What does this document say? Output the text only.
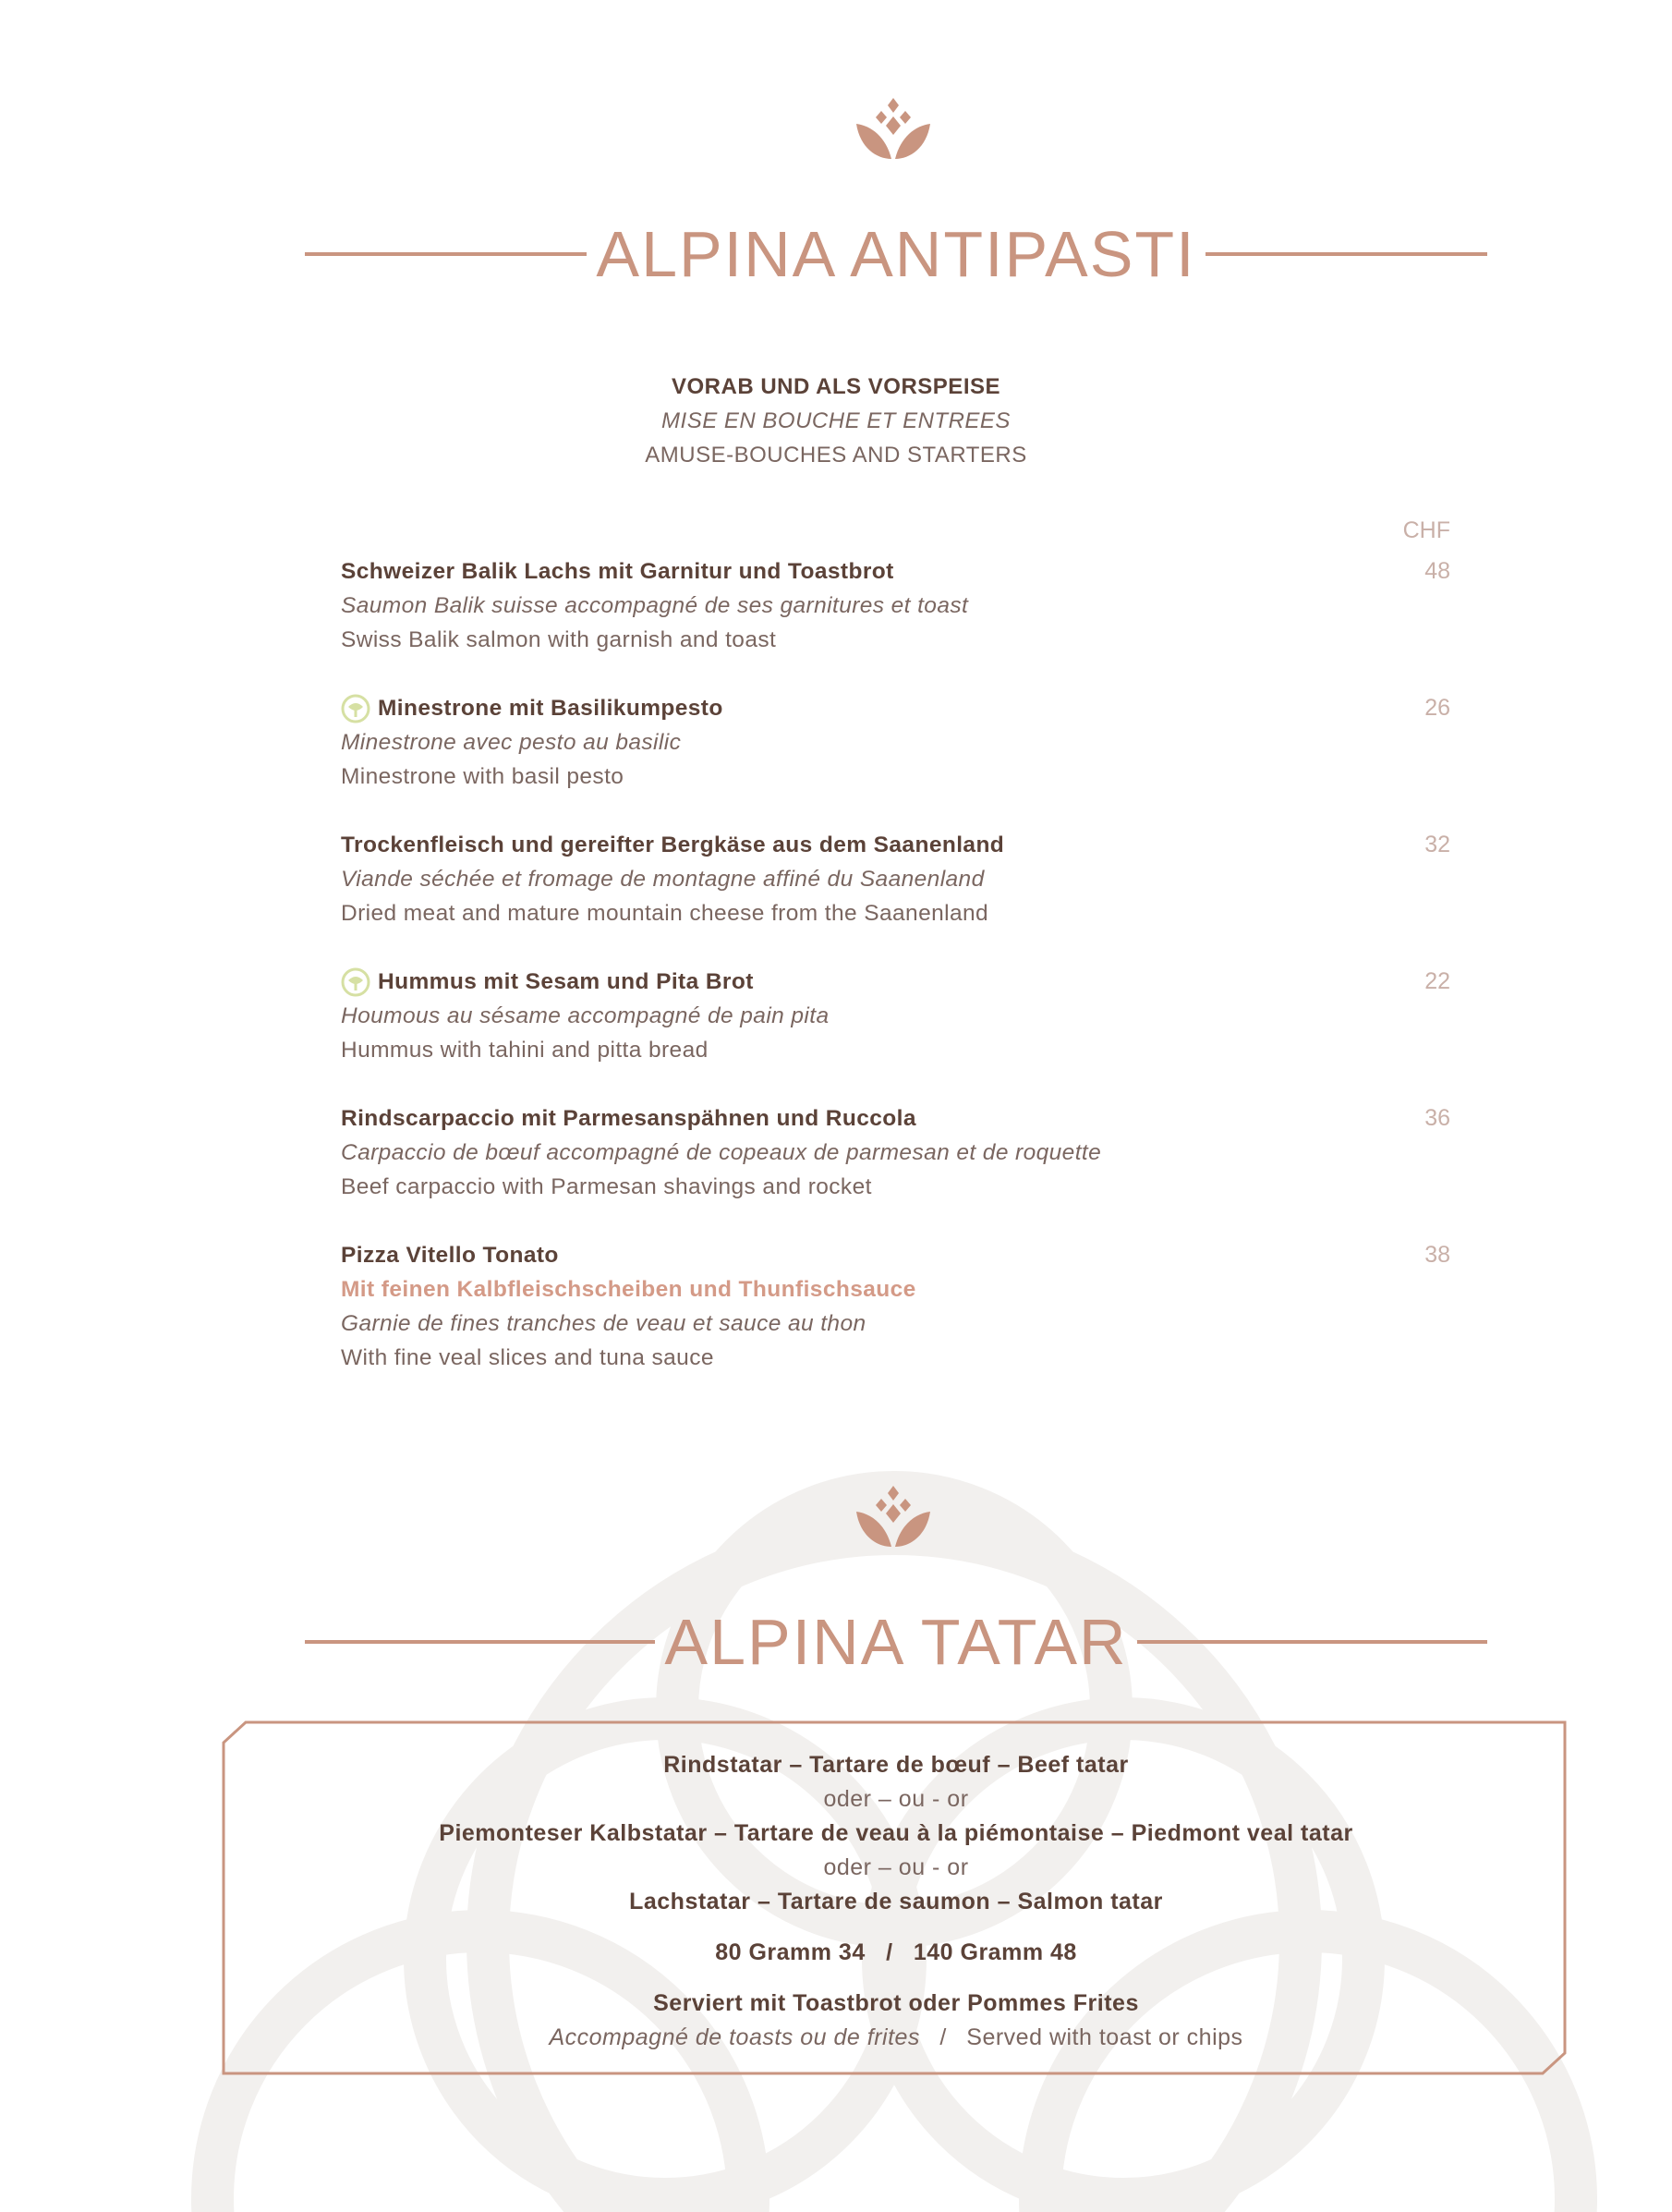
ALPINA ANTIPASTI
VORAB UND ALS VORSPEISE
MISE EN BOUCHE ET ENTREES
AMUSE-BOUCHES AND STARTERS
CHF
Schweizer Balik Lachs mit Garnitur und Toastbrot
Saumon Balik suisse accompagné de ses garnitures et toast
Swiss Balik salmon with garnish and toast
48
Minestrone mit Basilikumpesto
Minestrone avec pesto au basilic
Minestrone with basil pesto
26
Trockenfleisch und gereifter Bergkäse aus dem Saanenland
Viande séchée et fromage de montagne affiné du Saanenland
Dried meat and mature mountain cheese from the Saanenland
32
Hummus mit Sesam und Pita Brot
Houmous au sésame accompagné de pain pita
Hummus with tahini and pitta bread
22
Rindscarpaccio mit Parmesanspähnen und Ruccola
Carpaccio de bœuf accompagné de copeaux de parmesan et de roquette
Beef carpaccio with Parmesan shavings and rocket
36
Pizza Vitello Tonato
Mit feinen Kalbfleischscheiben und Thunfischsauce
Garnie de fines tranches de veau et sauce au thon
With fine veal slices and tuna sauce
38
ALPINA TATAR
Rindstatar – Tartare de bœuf – Beef tatar
oder – ou - or
Piemonteser Kalbstatar – Tartare de veau à la piémontaise – Piedmont veal tatar
oder – ou - or
Lachstatar – Tartare de saumon – Salmon tatar
80 Gramm 34   /   140 Gramm 48
Serviert mit Toastbrot oder Pommes Frites
Accompagné de toasts ou de frites / Served with toast or chips
